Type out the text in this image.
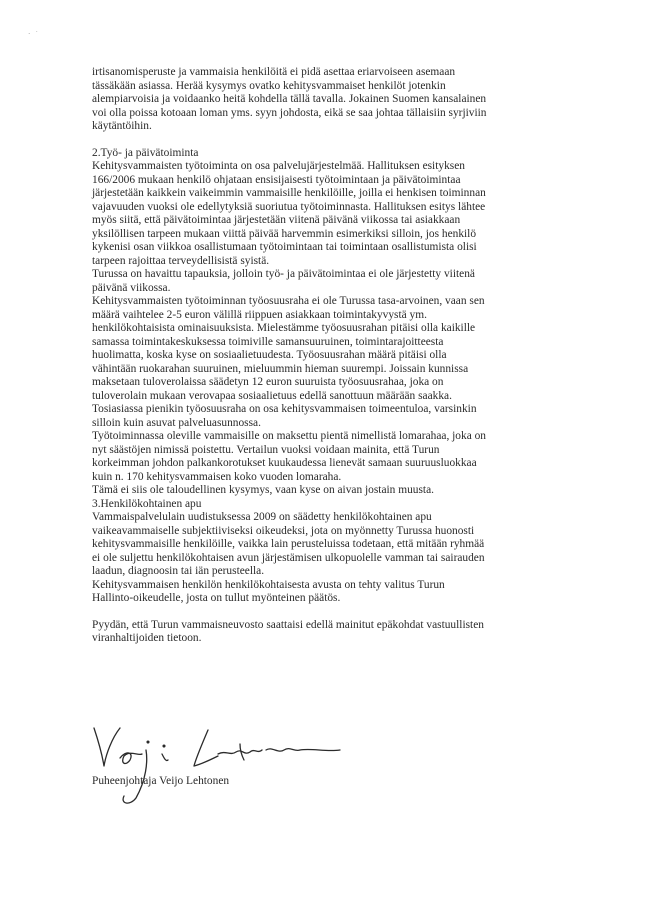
·   ˙
irtisanomisperuste ja vammaisia henkilöitä ei pidä asettaa eriarvoiseen asemaan
tässäkään asiassa. Herää kysymys ovatko kehitysvammaiset henkilöt jotenkin
alempiarvoisia ja voidaanko heitä kohdella tällä tavalla. Jokainen Suomen kansalainen
voi olla poissa kotoaan loman yms. syyn johdosta, eikä se saa johtaa tällaisiin syrjiviin
käytäntöihin.
2.Työ- ja päivätoiminta
Kehitysvammaisten työtoiminta on osa palvelujärjestelmää. Hallituksen esityksen
166/2006 mukaan henkilö ohjataan ensisijaisesti työtoimintaan ja päivätoimintaa
järjestetään kaikkein vaikeimmin vammaisille henkilöille, joilla ei henkisen toiminnan
vajavuuden vuoksi ole edellytyksiä suoriutua työtoiminnasta. Hallituksen esitys lähtee
myös siitä, että päivätoimintaa järjestetään viitenä päivänä viikossa tai asiakkaan
yksilöllisen tarpeen mukaan viittä päivää harvemmin esimerkiksi silloin, jos henkilö
kykenisi osan viikkoa osallistumaan työtoimintaan tai toimintaan osallistumista olisi
tarpeen rajoittaa terveydellisistä syistä.
Turussa on havaittu tapauksia, jolloin työ- ja päivätoimintaa ei ole järjestetty viitenä
päivänä viikossa.
Kehitysvammaisten työtoiminnan työosuusraha ei ole Turussa tasa-arvoinen, vaan sen
määrä vaihtelee 2-5 euron välillä riippuen asiakkaan toimintakyvystä ym.
henkilökohtaisista ominaisuuksista. Mielestämme työosuusrahan pitäisi olla kaikille
samassa toimintakeskuksessa toimiville samansuuruinen, toimintarajoitteesta
huolimatta, koska kyse on sosiaalietuudesta. Työosuusrahan määrä pitäisi olla
vähintään ruokarahan suuruinen, mieluummin hieman suurempi. Joissain kunnissa
maksetaan tuloverolaissa säädetyn 12 euron suuruista työosuusrahaa, joka on
tuloverolain mukaan verovapaa sosiaalietuus edellä sanottuun määrään saakka.
Tosiasiassa pienikin työosuusraha on osa kehitysvammaisen toimeentuloa, varsinkin
silloin kuin asuvat palveluasunnossa.
Työtoiminnassa oleville vammaisille on maksettu pientä nimellistä lomarahaa, joka on
nyt säästöjen nimissä poistettu. Vertailun vuoksi voidaan mainita, että Turun
korkeimman johdon palkankorotukset kuukaudessa lienevät samaan suuruusluokkaa
kuin n. 170 kehitysvammaisen koko vuoden lomaraha.
Tämä ei siis ole taloudellinen kysymys, vaan kyse on aivan jostain muusta.
3.Henkilökohtainen apu
Vammaispalvelulain uudistuksessa 2009 on säädetty henkilökohtainen apu
vaikeavammaiselle subjektiiviseksi oikeudeksi, jota on myönnetty Turussa huonosti
kehitysvammaisille henkilöille, vaikka lain perusteluissa todetaan, että mitään ryhmää
ei ole suljettu henkilökohtaisen avun järjestämisen ulkopuolelle vamman tai sairauden
laadun, diagnoosin tai iän perusteella.
Kehitysvammaisen henkilön henkilökohtaisesta avusta on tehty valitus Turun
Hallinto-oikeudelle, josta on tullut myönteinen päätös.
Pyydän, että Turun vammaisneuvosto saattaisi edellä mainitut epäkohdat vastuullisten
viranhaltijoiden tietoon.
Puheenjohtaja Veijo Lehtonen
